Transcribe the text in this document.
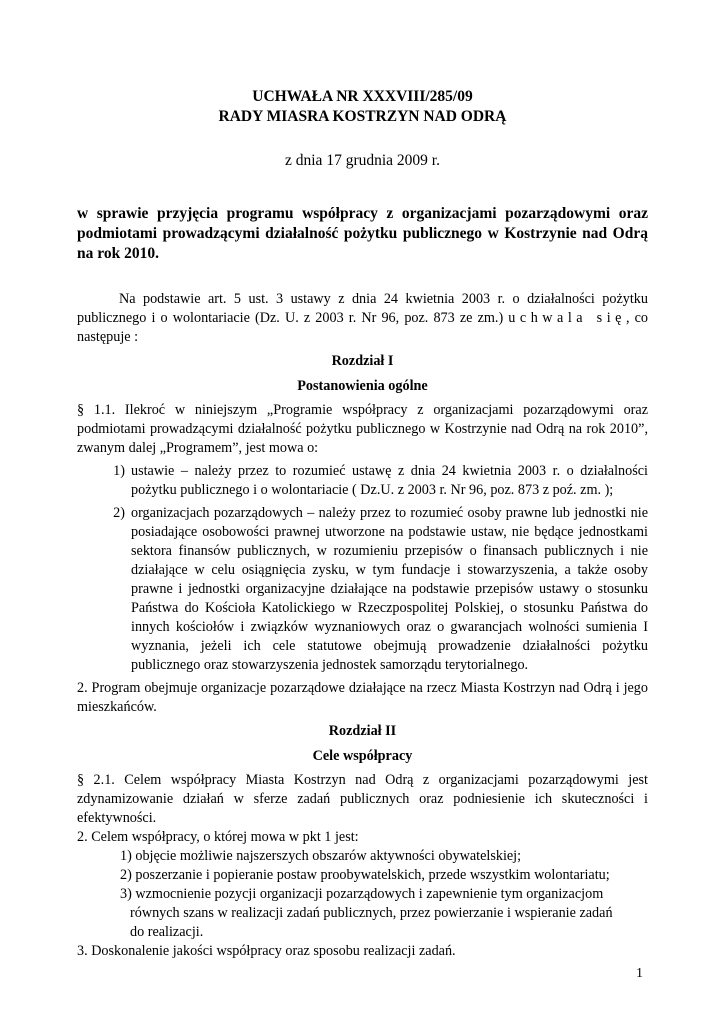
UCHWAŁA NR XXXVIII/285/09

RADY MIASRA KOSTRZYN NAD ODRĄ

z dnia 17 grudnia 2009 r.

w sprawie przyjęcia programu współpracy z organizacjami pozarządowymi oraz podmiotami prowadzącymi działalność pożytku publicznego w Kostrzynie nad Odrą na rok 2010.

Na podstawie art. 5 ust. 3 ustawy z dnia 24 kwietnia 2003 r. o działalności pożytku publicznego i o wolontariacie (Dz. U. z 2003 r. Nr 96, poz. 873 ze zm.) uchwala się, co następuje :

Rozdział I

Postanowienia ogólne

§ 1.1. Ilekroć w niniejszym „Programie współpracy z organizacjami pozarządowymi oraz podmiotami prowadzącymi działalność pożytku publicznego w Kostrzynie nad Odrą na rok 2010”, zwanym dalej „Programem”, jest mowa o:

1) ustawie – należy przez to rozumieć ustawę z dnia 24 kwietnia 2003 r. o działalności pożytku publicznego i o wolontariacie ( Dz.U. z 2003 r. Nr 96, poz. 873 z poź. zm. );
2) organizacjach pozarządowych – należy przez to rozumieć osoby prawne lub jednostki nie posiadające osobowości prawnej utworzone na podstawie ustaw, nie będące jednostkami sektora finansów publicznych, w rozumieniu przepisów o finansach publicznych i nie działające w celu osiągnięcia zysku, w tym fundacje i stowarzyszenia, a także osoby prawne i jednostki organizacyjne działające na podstawie przepisów ustawy o stosunku Państwa do Kościoła Katolickiego w Rzeczpospolitej Polskiej, o stosunku Państwa do innych kościołów i związków wyznaniowych oraz o gwarancjach wolności sumienia I wyznania, jeżeli ich cele statutowe obejmują prowadzenie działalności pożytku publicznego oraz stowarzyszenia jednostek samorządu terytorialnego.

2. Program obejmuje organizacje pozarządowe działające na rzecz Miasta Kostrzyn nad Odrą i jego mieszkańców.

Rozdział II

Cele współpracy

§ 2.1. Celem współpracy Miasta Kostrzyn nad Odrą z organizacjami pozarządowymi jest zdynamizowanie działań w sferze zadań publicznych oraz podniesienie ich skuteczności i efektywności.

2. Celem współpracy, o której mowa w pkt 1 jest:

1) objęcie możliwie najszerszych obszarów aktywności obywatelskiej;

2) poszerzanie i popieranie postaw proobywatelskich, przede wszystkim wolontariatu;

3) wzmocnienie pozycji organizacji pozarządowych i zapewnienie tym organizacjom

równych szans w realizacji zadań publicznych, przez powierzanie i wspieranie zadań

do realizacji.

3. Doskonalenie jakości współpracy oraz sposobu realizacji zadań.

1
